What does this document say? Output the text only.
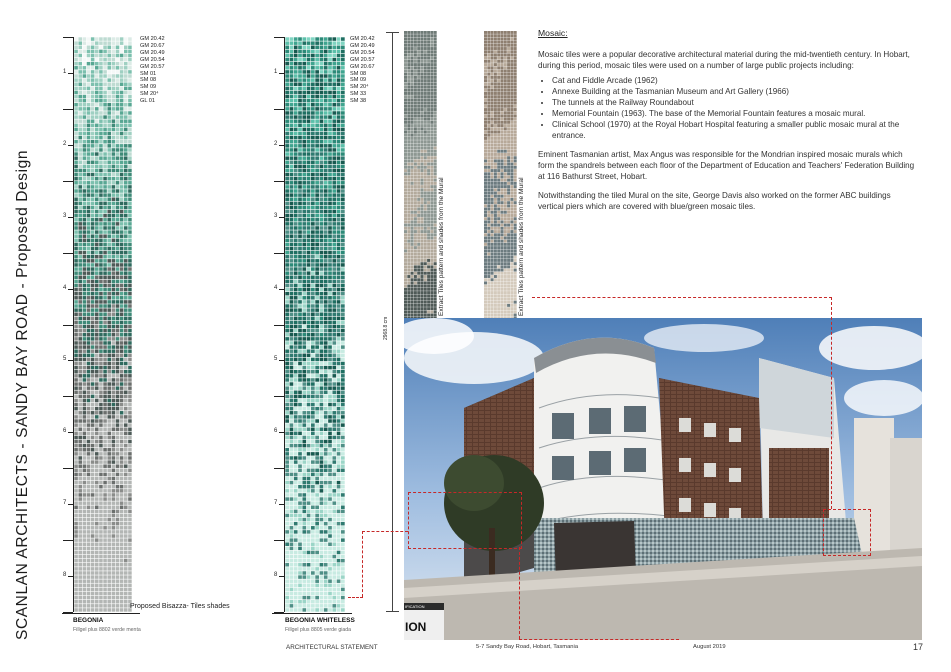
SCANLAN ARCHITECTS - SANDY BAY ROAD - Proposed Design
1
2
3
4
5
6
7
8
GM 20.42
GM 20.67
GM 20.49
GM 20.54
GM 20.57
SM 01
SM 08
SM 09
SM 20⁴
GL 01
Proposed Bisazza- Tiles shades
BEGONIA
Fillgel plus 8802 verde menta
1
2
3
4
5
6
7
8
GM 20.42
GM 20.49
GM 20.54
GM 20.57
GM 20.67
SM 08
SM 09
SM 20⁴
SM 33
SM 38
BEGONIA WHITELESS
Fillgel plus 8805 verde giada
2968.8 cm
Extract Tiles pattern and shades from the Mural	Extract Tiles pattern and shades from the Mural
Mosaic:
Mosaic tiles were a popular decorative architectural material during the mid-twentieth century. In Hobart, during this period, mosaic tiles were used on a number of large public projects including:
• Cat and Fiddle Arcade (1962)
• Annexe Building at the Tasmanian Museum and Art Gallery (1966)
• The tunnels at the Railway Roundabout
• Memorial Fountain (1963). The base of the Memorial Fountain features a mosaic mural.
• Clinical School (1970) at the Royal Hobart Hospital featuring a smaller public mosaic mural at the entrance.
Eminent Tasmanian artist, Max Angus was responsible for the Mondrian inspired mosaic murals which form the spandrels between each floor of the Department of Education and Teachers' Federation Building at 116 Bathurst Street, Hobart.
Notwithstanding the tiled Mural on the site, George Davis also worked on the former ABC buildings vertical piers which are covered with blue/green mosaic tiles.
IFICATION
ION
ARCHITECTURAL STATEMENT	5-7 Sandy Bay Road, Hobart, Tasmania	August 2019	17
